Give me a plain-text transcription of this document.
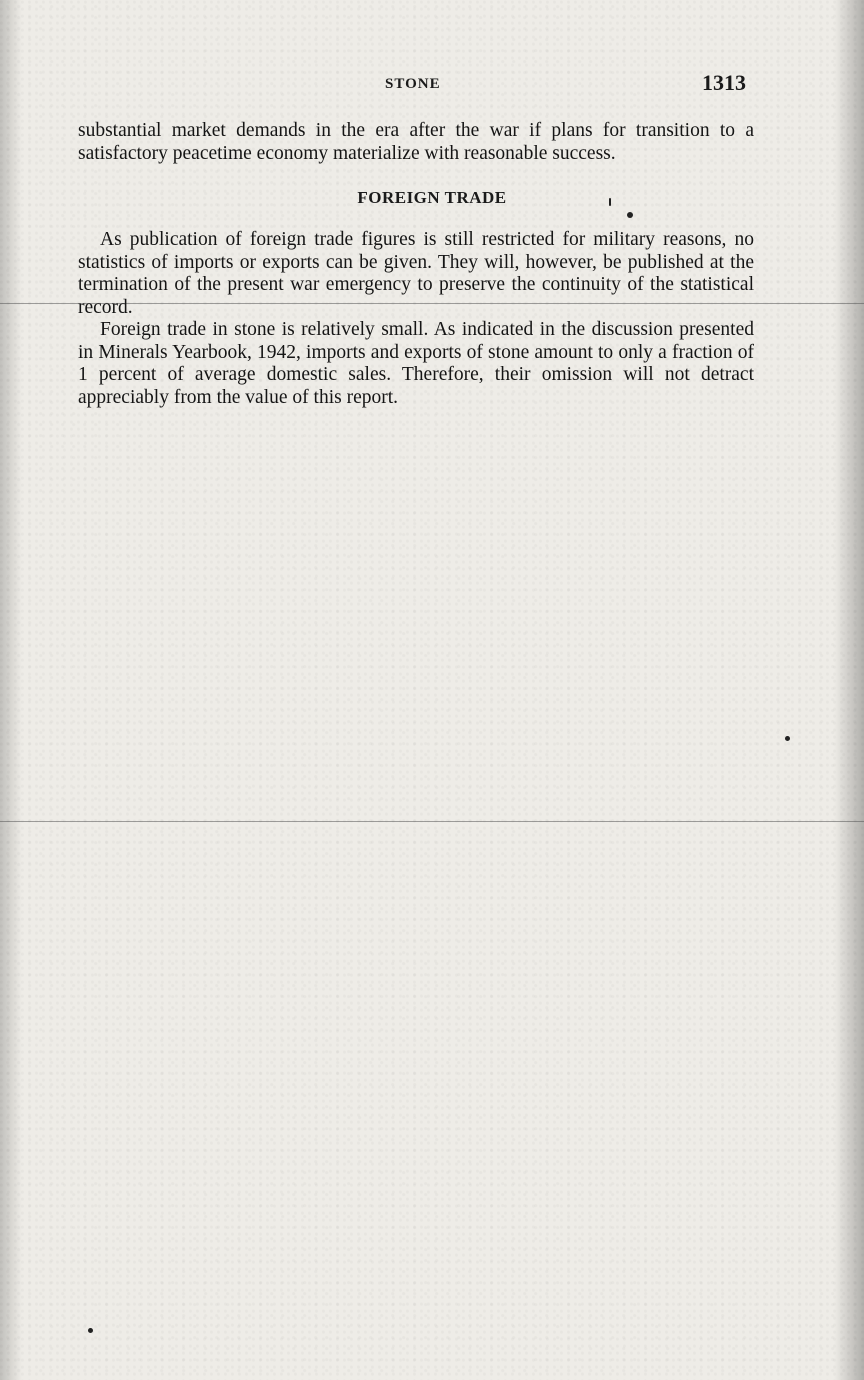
STONE	1313
substantial market demands in the era after the war if plans for transition to a satisfactory peacetime economy materialize with reasonable success.
FOREIGN TRADE
As publication of foreign trade figures is still restricted for military reasons, no statistics of imports or exports can be given. They will, however, be published at the termination of the present war emergency to preserve the continuity of the statistical record.
Foreign trade in stone is relatively small. As indicated in the discussion presented in Minerals Yearbook, 1942, imports and exports of stone amount to only a fraction of 1 percent of average domestic sales. Therefore, their omission will not detract appreciably from the value of this report.
